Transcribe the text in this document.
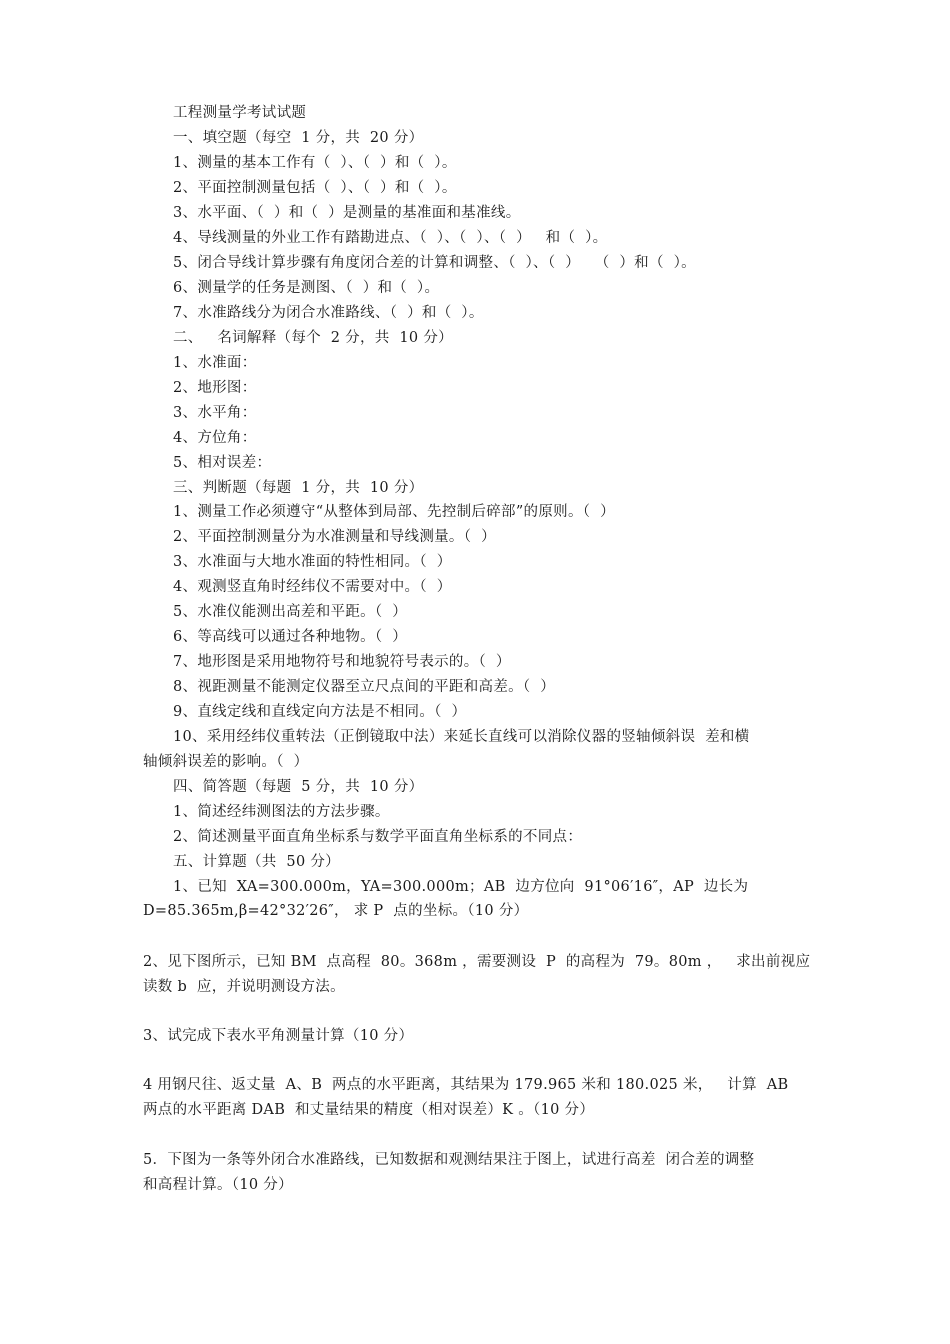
工程测量学考试试题
一、填空题（每空  1 分，共  20 分）
1、测量的基本工作有（  ）、（  ）和（  ）。
2、平面控制测量包括（  ）、（  ）和（  ）。
3、水平面、（  ）和（  ）是测量的基准面和基准线。
4、导线测量的外业工作有踏勘进点、（  ）、（  ）、（  ）   和（  ）。
5、闭合导线计算步骤有角度闭合差的计算和调整、（  ）、（  ）   （  ）和（  ）。
6、测量学的任务是测图、（  ）和（  ）。
7、水准路线分为闭合水准路线、（  ）和（  ）。
二、   名词解释（每个  2 分，共  10 分）
1、水准面：
2、地形图：
3、水平角：
4、方位角：
5、相对误差：
三、判断题（每题  1 分，共  10 分）
1、测量工作必须遵守“从整体到局部、先控制后碎部”的原则。（  ）
2、平面控制测量分为水准测量和导线测量。（  ）
3、水准面与大地水准面的特性相同。（  ）
4、观测竖直角时经纬仪不需要对中。（  ）
5、水准仪能测出高差和平距。（  ）
6、等高线可以通过各种地物。（  ）
7、地形图是采用地物符号和地貌符号表示的。（  ）
8、视距测量不能测定仪器至立尺点间的平距和高差。（  ）
9、直线定线和直线定向方法是不相同。（  ）
10、采用经纬仪重转法（正倒镜取中法）来延长直线可以消除仪器的竖轴倾斜误  差和横
轴倾斜误差的影响。（  ）
四、简答题（每题  5 分，共  10 分）
1、简述经纬测图法的方法步骤。
2、简述测量平面直角坐标系与数学平面直角坐标系的不同点：
五、计算题（共  50 分）
1、已知  XA=300.000m，YA=300.000m；AB  边方位向  91°06′16″，AP  边长为
D=85.365m,β=42°32′26″， 求 P  点的坐标。（10 分）
2、见下图所示，已知 BM  点高程  80。368m ，需要测设  P  的高程为  79。80m ，   求出前视应
读数 b  应，并说明测设方法。
3、试完成下表水平角测量计算（10 分）
4 用钢尺往、返丈量  A、B  两点的水平距离，其结果为 179.965 米和 180.025 米，   计算  AB
两点的水平距离 DAB  和丈量结果的精度（相对误差）K 。（10 分）
5．下图为一条等外闭合水准路线，已知数据和观测结果注于图上，试进行高差  闭合差的调整
和高程计算。（10 分）
